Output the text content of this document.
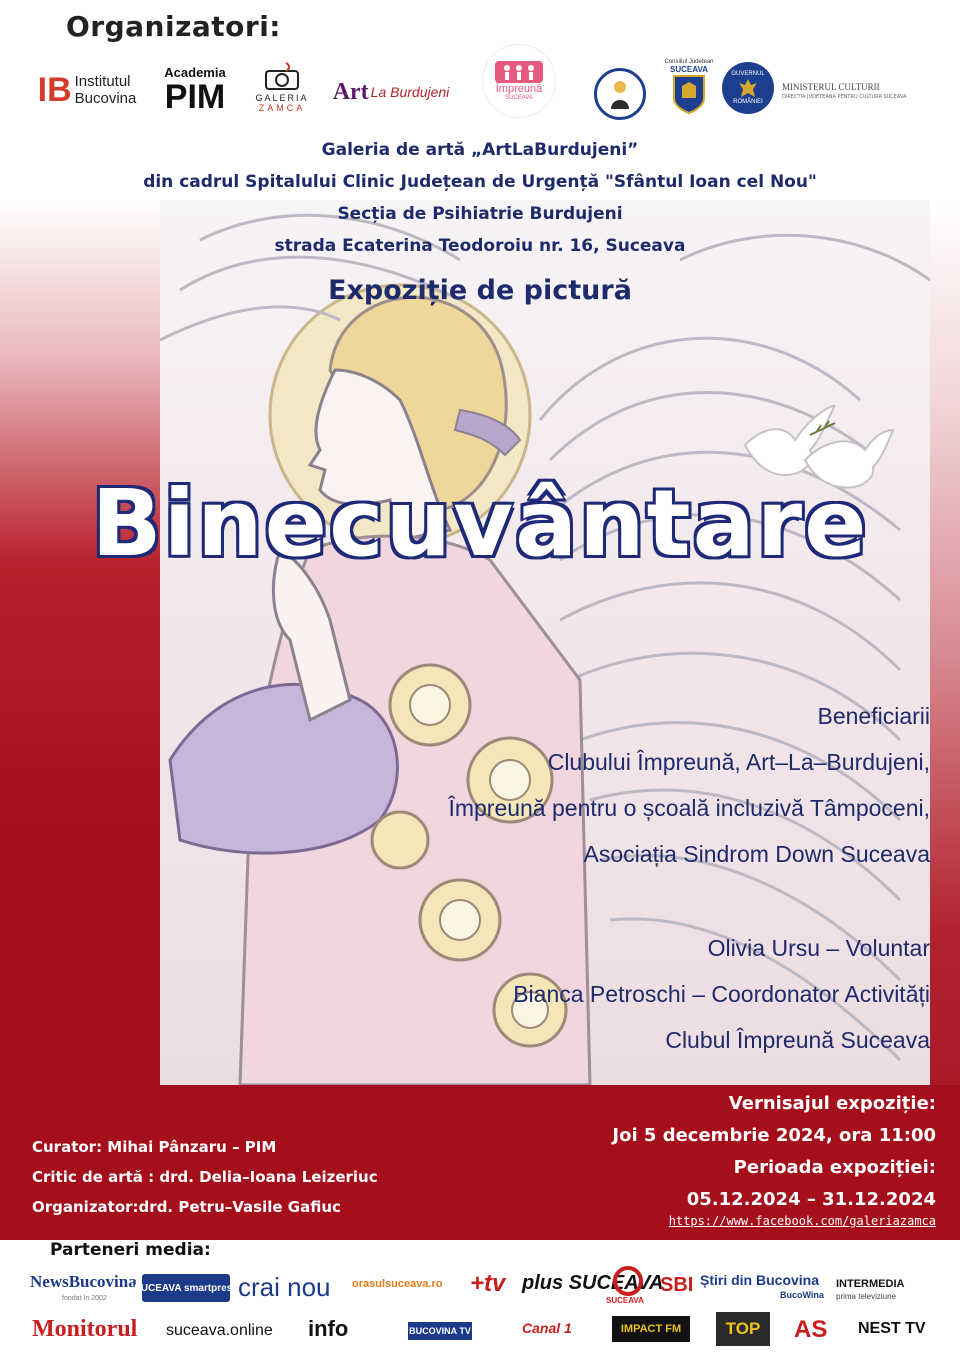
Organizatori:
IB Institutul
Bucovina
Academia
PIM	GALERIA
ZAMCA
Art La Burdujeni	Împreună
SUCEAVA
Consiliul Judetean
SUCEAVA
GUVERNUL
ROMÂNIEI
MINISTERUL CULTURII
DIRECTIA JUDETEANA PENTRU CULTURA SUCEAVA
Galeria de artă „ArtLaBurdujeni”
din cadrul Spitalului Clinic Județean de Urgență "Sfântul Ioan cel Nou"
Secția de Psihiatrie Burdujeni
strada Ecaterina Teodoroiu nr. 16, Suceava
Expoziție de pictură
Binecuvântare
Beneficiarii
Clubului Împreună, Art–La–Burdujeni,
Împreună pentru o școală incluzivă Tâmpoceni,
Asociația Sindrom Down Suceava
Olivia Ursu – Voluntar
Bianca Petroschi – Coordonator Activități
Clubul Împreună Suceava
Curator: Mihai Pânzaru – PIM
Critic de artă : drd. Delia–Ioana Leizeriuc
Organizator:drd. Petru–Vasile Gafiuc
Vernisajul expoziție:
Joi 5 decembrie 2024, ora 11:00
Perioada expoziției:
05.12.2024 – 31.12.2024
https://www.facebook.com/galeriazamca
Parteneri media:
NewsBucovina
fondat în 2002
SUCEAVA smartpress crai nou orasulsuceava.ro +tv plus SUCEAVA
SUCEAVA
SBI Știri din Bucovina
BucoWina
INTERMEDIA
prima televiziune
Monitorul suceava.online info	BUCOVINA TV	Canal 1	IMPACT FM	TOP	AS NEST TV
